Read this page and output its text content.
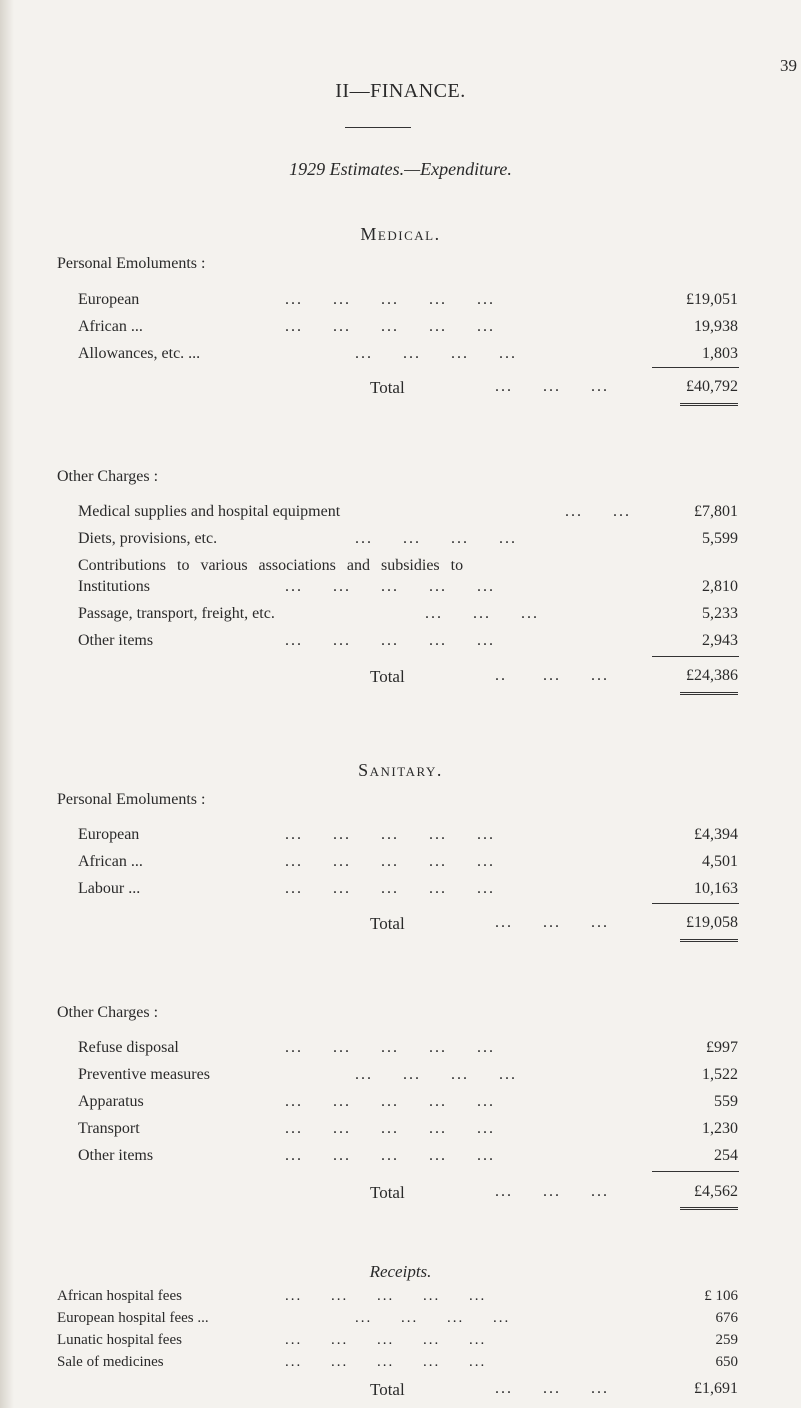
39
II—FINANCE.
1929 Estimates.—Expenditure.
Medical.
Personal Emoluments :
European	...     ...     ...     ...     ...	£19,051
African ...	...     ...     ...     ...     ...	19,938
Allowances, etc. ...	...     ...     ...     ...	1,803
Total	...     ...     ...	£40,792
Other Charges :
Medical supplies and hospital equipment	...     ...	£7,801
Diets, provisions, etc.	...     ...     ...     ...	5,599
Contributions to various associations and subsidies to
Institutions	...     ...     ...     ...     ...	2,810
Passage, transport, freight, etc.	...     ...     ...	5,233
Other items	...     ...     ...     ...     ...	2,943
Total	..      ...     ...	£24,386
Sanitary.
Personal Emoluments :
European	...     ...     ...     ...     ...	£4,394
African ...	...     ...     ...     ...     ...	4,501
Labour ...	...     ...     ...     ...     ...	10,163
Total	...     ...     ...	£19,058
Other Charges :
Refuse disposal	...     ...     ...     ...     ...	£997
Preventive measures	...     ...     ...     ...	1,522
Apparatus	...     ...     ...     ...     ...	559
Transport	...     ...     ...     ...     ...	1,230
Other items	...     ...     ...     ...     ...	254
Total	...     ...     ...	£4,562
Receipts.
African hospital fees	...     ...     ...     ...     ...	£ 106
European hospital fees ...	...     ...     ...     ...	676
Lunatic hospital fees	...     ...     ...     ...     ...	259
Sale of medicines	...     ...     ...     ...     ...	650
Total	...     ...     ...	£1,691
